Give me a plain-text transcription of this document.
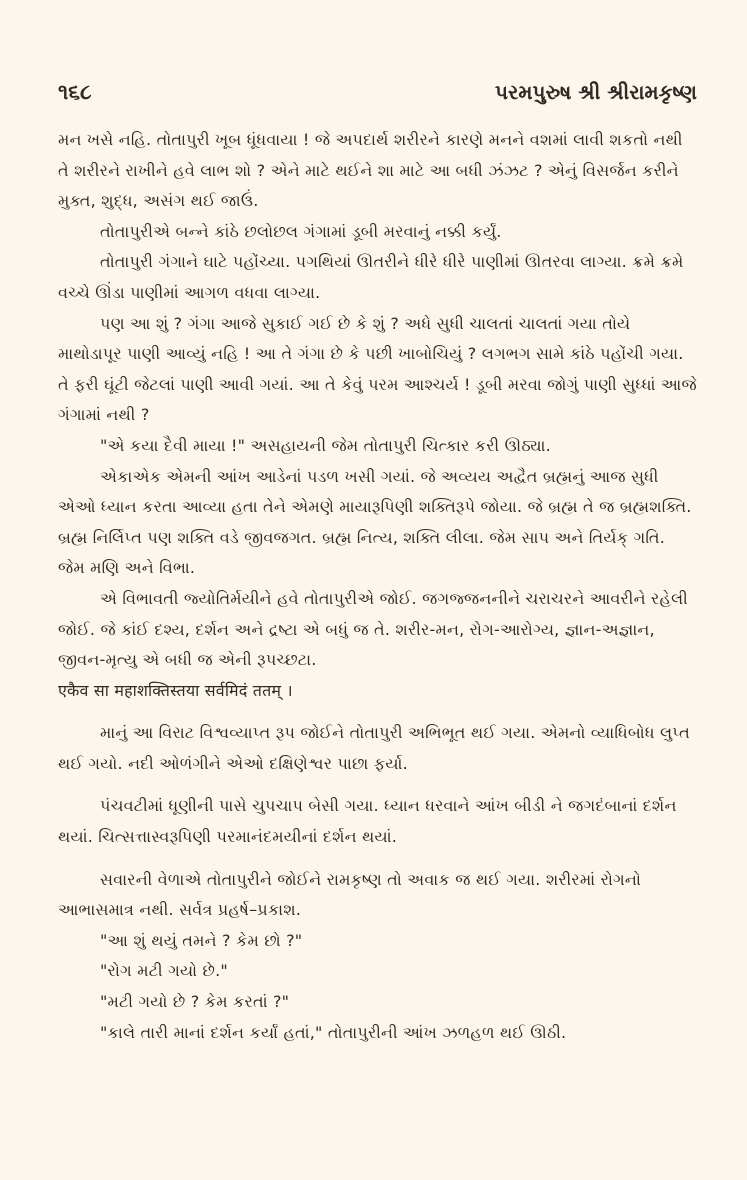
૧૬૮	પરમપુરુષ શ્રી શ્રીરામકૃષ્ણ

મન ખસે નહિ. તોતાપુરી ખૂબ ધૂંધવાયા ! જે અપદાર્થ શરીરને કારણે મનને વશમાં લાવી શકતો નથી તે શરીરને રાખીને હવે લાભ શો ? એને માટે થઈને શા માટે આ બધી ઝંઝટ ? એનું વિસર્જન કરીને મુક્ત, શુદ્ધ, અસંગ થઈ જાઉં.

તોતાપુરીએ બન્ને કાંઠે છલોછલ ગંગામાં ડૂબી મરવાનું નક્કી કર્યું.

તોતાપુરી ગંગાને ઘાટે પહોંચ્યા. પગથિયાં ઊતરીને ધીરે ધીરે પાણીમાં ઊતરવા લાગ્યા. ક્રમે ક્રમે વચ્ચે ઊંડા પાણીમાં આગળ વધવા લાગ્યા.

પણ આ શું ? ગંગા આજે સુકાઈ ગઈ છે કે શું ? અધે સુધી ચાલતાં ચાલતાં ગયા તોયે માથોડાપૂર પાણી આવ્યું નહિ ! આ તે ગંગા છે કે પછી ખાબોચિયું ? લગભગ સામે કાંઠે પહોંચી ગયા. તે ફરી ઘૂંટી જેટલાં પાણી આવી ગયાં. આ તે કેવું પરમ આશ્ચર્ય ! ડૂબી મરવા જોગું પાણી સુધ્ધાં આજે ગંગામાં નથી ?

"એ કયા દૈવી માયા !" અસહાયની જેમ તોતાપુરી ચિત્કાર કરી ઊઠ્યા.

એકાએક એમની આંખ આડેનાં પડળ ખસી ગયાં. જે અવ્યય અદ્વૈત બ્રહ્મનું આજ સુધી એઓ ધ્યાન કરતા આવ્યા હતા તેને એમણે માયારૂપિણી શક્તિરૂપે જોયા. જે બ્રહ્મ તે જ બ્રહ્મશક્તિ. બ્રહ્મ નિર્લિપ્ત પણ શક્તિ વડે જીવજગત. બ્રહ્મ નિત્ય, શક્તિ લીલા. જેમ સાપ અને તિર્યક્ ગતિ. જેમ મણિ અને વિભા.

એ વિભાવતી જ્યોતિર્મયીને હવે તોતાપુરીએ જોઈ. જગજ્જનનીને ચરાચરને આવરીને રહેલી જોઈ. જે કાંઈ દશ્ય, દર્શન અને દ્રષ્ટા એ બધું જ તે. શરીર-મન, રોગ-આરોગ્ય, જ્ઞાન-અજ્ઞાન, જીવન-મૃત્યુ એ બધી જ એની રૂપચ્છટા.

एकैव सा महाशक्तिस्तया सर्वमिदं ततम् ।

માનું આ વિરાટ વિશ્વવ્યાપ્ત રૂપ જોઈને તોતાપુરી અભિભૂત થઈ ગયા. એમનો વ્યાધિબોધ લુપ્ત થઈ ગયો. નદી ઓળંગીને એઓ દક્ષિણેશ્વર પાછા ફર્યા.

પંચવટીમાં ધૂણીની પાસે ચુપચાપ બેસી ગયા. ધ્યાન ધરવાને આંખ બીડી ને જગદંબાનાં દર્શન થયાં. ચિત્સત્તાસ્વરૂપિણી પરમાનંદમયીનાં દર્શન થયાં.

સવારની વેળાએ તોતાપુરીને જોઈને રામકૃષ્ણ તો અવાક જ થઈ ગયા. શરીરમાં રોગનો આભાસમાત્ર નથી. સર્વત્ર પ્રહર્ષ–પ્રકાશ.

"આ શું થયું તમને ? કેમ છો ?"

"રોગ મટી ગયો છે."

"મટી ગયો છે ? કેમ કરતાં ?"

"કાલે તારી માનાં દર્શન કર્યાં હતાં," તોતાપુરીની આંખ ઝળહળ થઈ ઊઠી.
